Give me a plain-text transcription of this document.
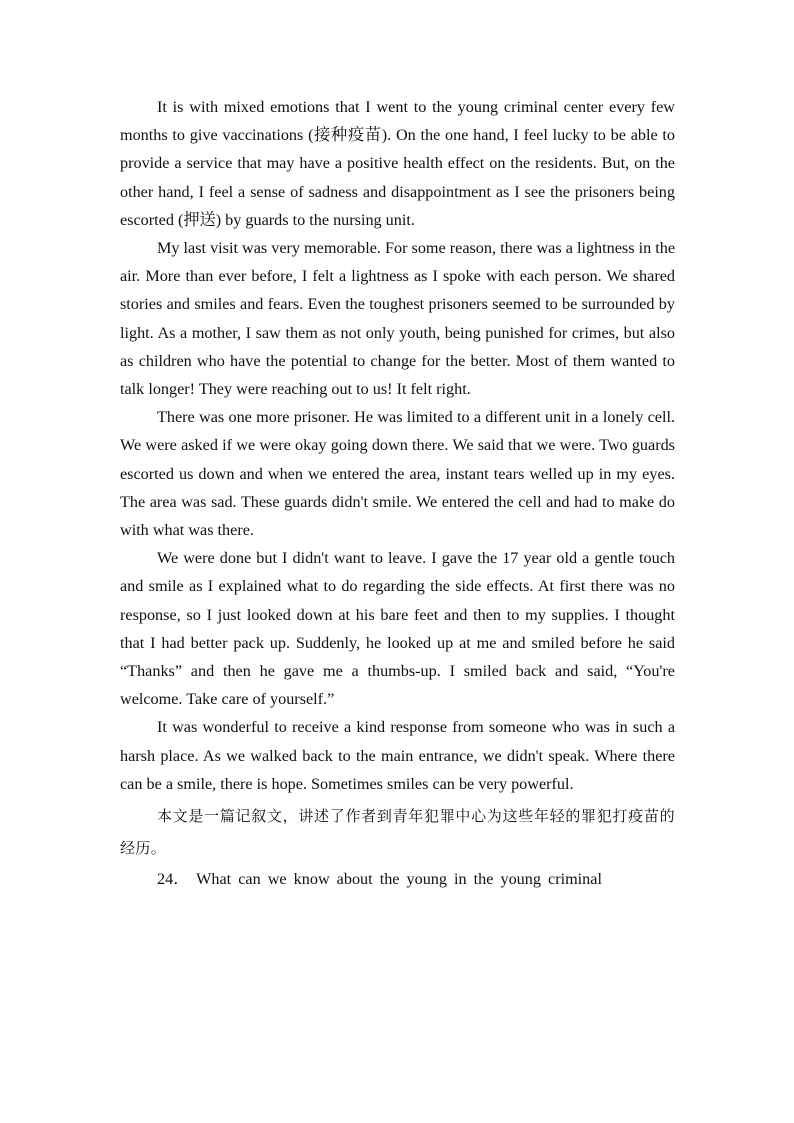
It is with mixed emotions that I went to the young criminal center every few months to give vaccinations (接种疫苗). On the one hand, I feel lucky to be able to provide a service that may have a positive health effect on the residents. But, on the other hand, I feel a sense of sadness and disappointment as I see the prisoners being escorted (押送) by guards to the nursing unit.

My last visit was very memorable. For some reason, there was a lightness in the air. More than ever before, I felt a lightness as I spoke with each person. We shared stories and smiles and fears. Even the toughest prisoners seemed to be surrounded by light. As a mother, I saw them as not only youth, being punished for crimes, but also as children who have the potential to change for the better. Most of them wanted to talk longer! They were reaching out to us! It felt right.

There was one more prisoner. He was limited to a different unit in a lonely cell. We were asked if we were okay going down there. We said that we were. Two guards escorted us down and when we entered the area, instant tears welled up in my eyes. The area was sad. These guards didn't smile. We entered the cell and had to make do with what was there.

We were done but I didn't want to leave. I gave the 17 year old a gentle touch and smile as I explained what to do regarding the side effects. At first there was no response, so I just looked down at his bare feet and then to my supplies. I thought that I had better pack up. Suddenly, he looked up at me and smiled before he said “Thanks” and then he gave me a thumbs-up. I smiled back and said, “You're welcome. Take care of yourself.”

It was wonderful to receive a kind response from someone who was in such a harsh place. As we walked back to the main entrance, we didn't speak. Where there can be a smile, there is hope. Sometimes smiles can be very powerful.

本文是一篇记叙文，讲述了作者到青年犯罪中心为这些年轻的罪犯打疫苗的经历。

24． What can we know about the young in the young criminal
